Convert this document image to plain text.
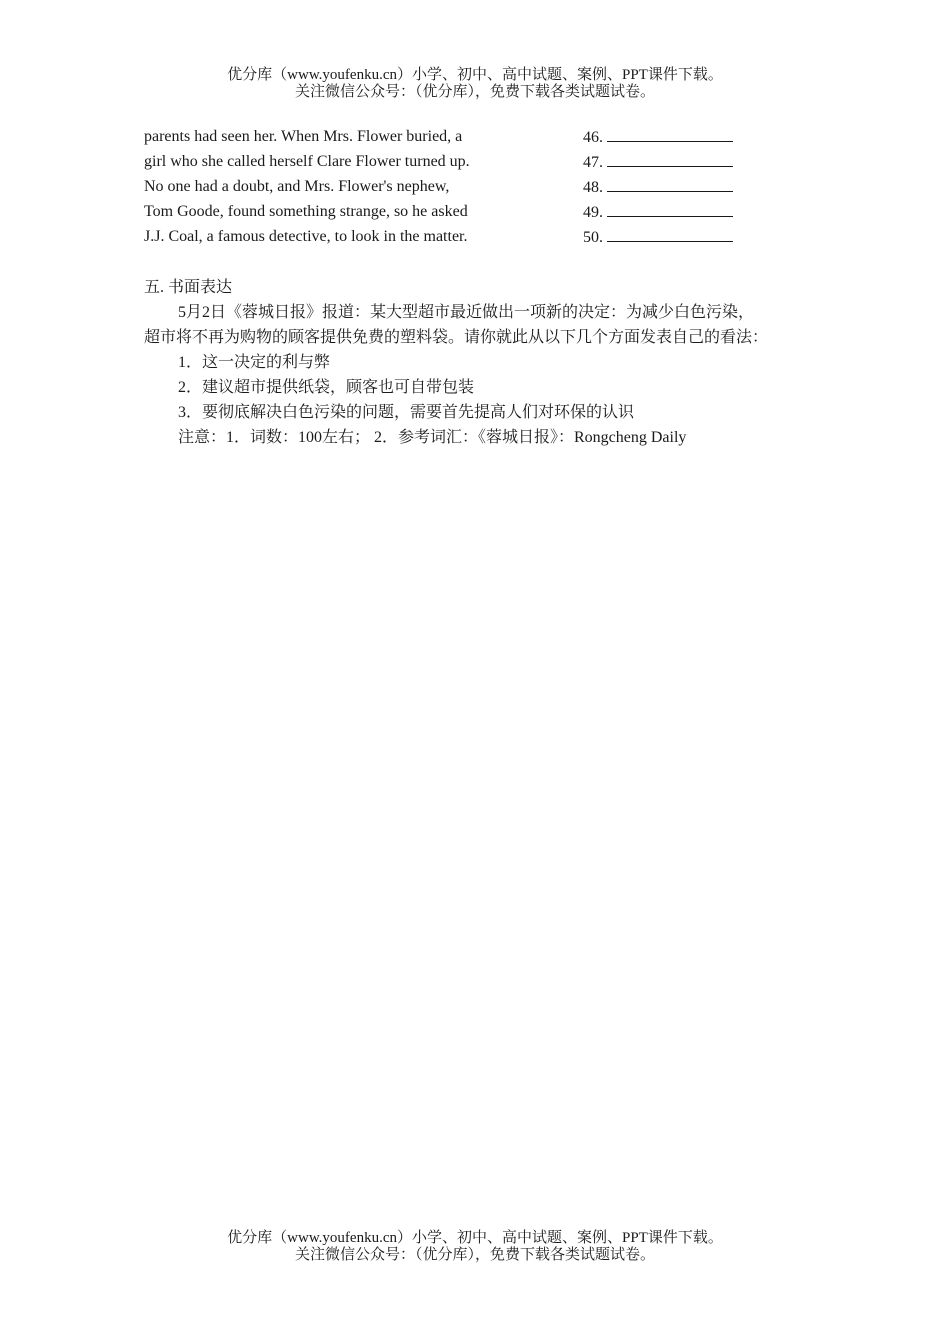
优分库（www.youfenku.cn）小学、初中、高中试题、案例、PPT课件下载。
关注微信公众号：（优分库），免费下载各类试题试卷。
parents had seen her. When Mrs. Flower buried, a	46.
girl who she called herself Clare Flower turned up.	47.
No one had a doubt, and Mrs. Flower's nephew,	48.
Tom Goode, found something strange, so he asked	49.
J.J. Coal, a famous detective, to look in the matter.	50.

五. 书面表达

5月2日《蓉城日报》报道：某大型超市最近做出一项新的决定：为减少白色污染，

超市将不再为购物的顾客提供免费的塑料袋。请你就此从以下几个方面发表自己的看法：

1．这一决定的利与弊

2．建议超市提供纸袋，顾客也可自带包装

3．要彻底解决白色污染的问题，需要首先提高人们对环保的认识

注意：1．词数：100左右； 2．参考词汇：《蓉城日报》：Rongcheng Daily

优分库（www.youfenku.cn）小学、初中、高中试题、案例、PPT课件下载。
关注微信公众号：（优分库），免费下载各类试题试卷。
